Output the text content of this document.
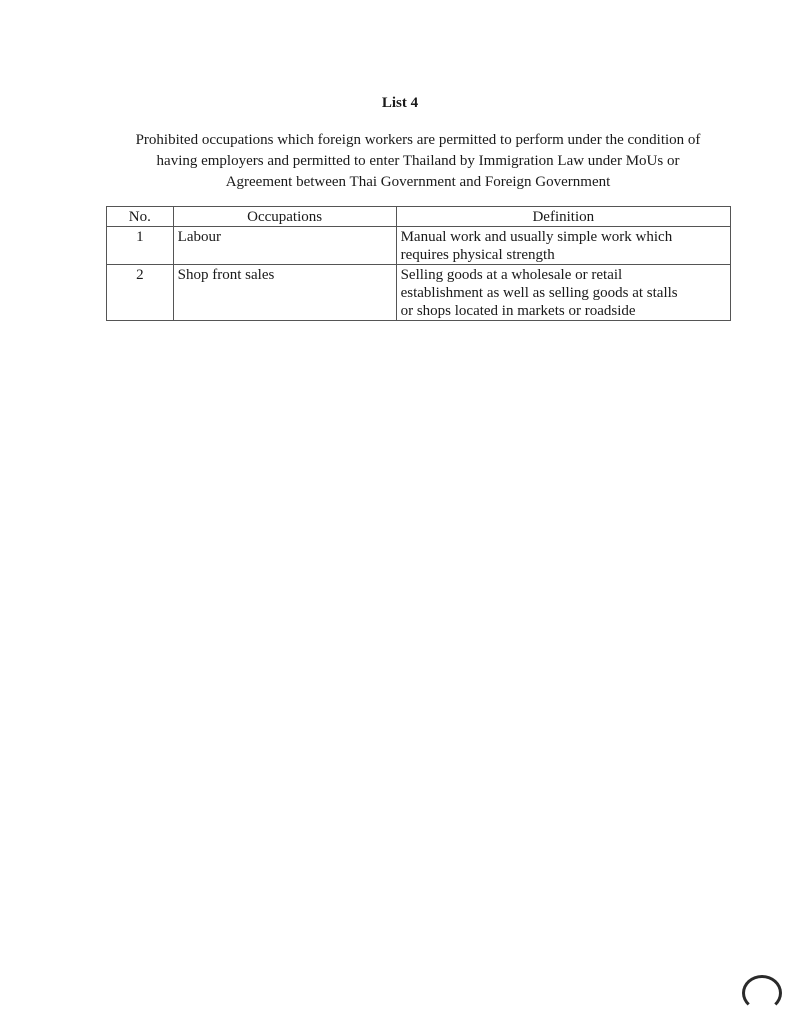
List 4
Prohibited occupations which foreign workers are permitted to perform under the condition of
having employers and permitted to enter Thailand by Immigration Law under MoUs or
Agreement between Thai Government and Foreign Government
No.	Occupations	Definition
1	Labour	Manual work and usually simple work which
requires physical strength

2	Shop front sales	Selling goods at a wholesale or retail
establishment as well as selling goods at stalls
or shops located in markets or roadside
